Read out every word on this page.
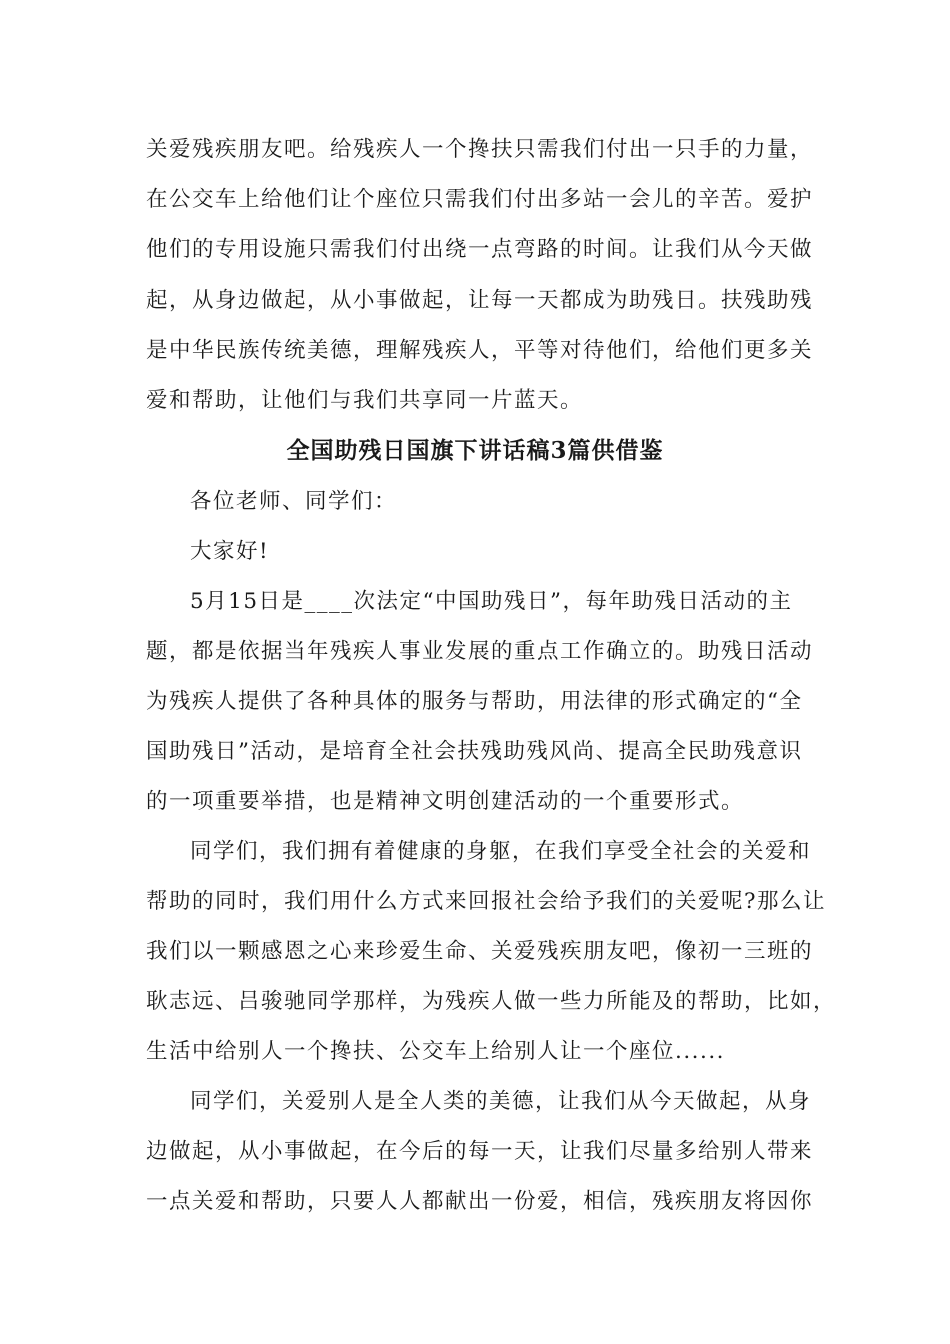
关爱残疾朋友吧。给残疾人一个搀扶只需我们付出一只手的力量，
在公交车上给他们让个座位只需我们付出多站一会儿的辛苦。爱护
他们的专用设施只需我们付出绕一点弯路的时间。让我们从今天做
起，从身边做起，从小事做起，让每一天都成为助残日。扶残助残
是中华民族传统美德，理解残疾人，平等对待他们，给他们更多关
爱和帮助，让他们与我们共享同一片蓝天。
全国助残日国旗下讲话稿3篇供借鉴
各位老师、同学们：
大家好!
5月15日是____次法定“中国助残日”，每年助残日活动的主
题，都是依据当年残疾人事业发展的重点工作确立的。助残日活动
为残疾人提供了各种具体的服务与帮助，用法律的形式确定的“全
国助残日”活动，是培育全社会扶残助残风尚、提高全民助残意识
的一项重要举措，也是精神文明创建活动的一个重要形式。
同学们，我们拥有着健康的身躯，在我们享受全社会的关爱和
帮助的同时，我们用什么方式来回报社会给予我们的关爱呢?那么让
我们以一颗感恩之心来珍爱生命、关爱残疾朋友吧，像初一三班的
耿志远、吕骏驰同学那样，为残疾人做一些力所能及的帮助，比如，
生活中给别人一个搀扶、公交车上给别人让一个座位......
同学们，关爱别人是全人类的美德，让我们从今天做起，从身
边做起，从小事做起，在今后的每一天，让我们尽量多给别人带来
一点关爱和帮助，只要人人都献出一份爱，相信，残疾朋友将因你
